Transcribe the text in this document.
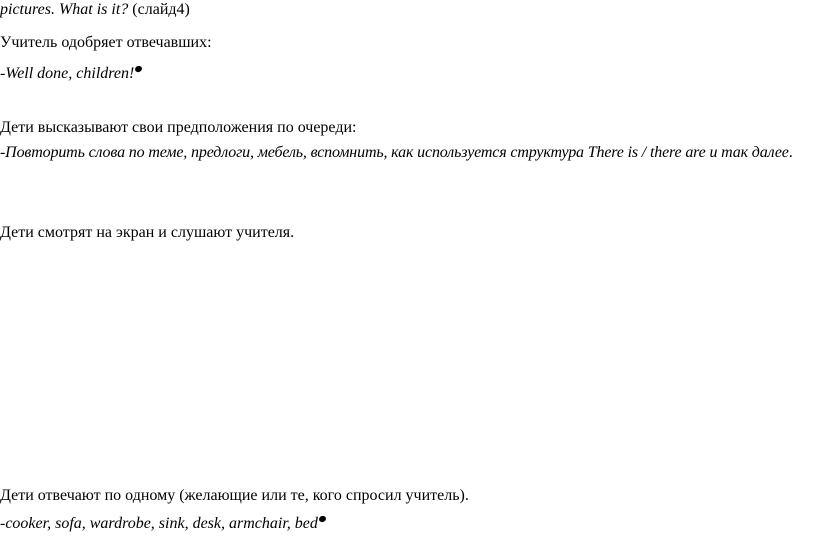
pictures. What is it? (слайд4)
Учитель одобряет отвечавших:
-Well done, children!
Дети высказывают свои предположения по очереди:
-Повторить слова по теме, предлоги, мебель, вспомнить, как используется структура There is / there are и так далее.
Дети смотрят на экран и слушают учителя.
Дети отвечают по одному (желающие или те, кого спросил учитель).
-cooker, sofa, wardrobe, sink, desk, armchair, bed
